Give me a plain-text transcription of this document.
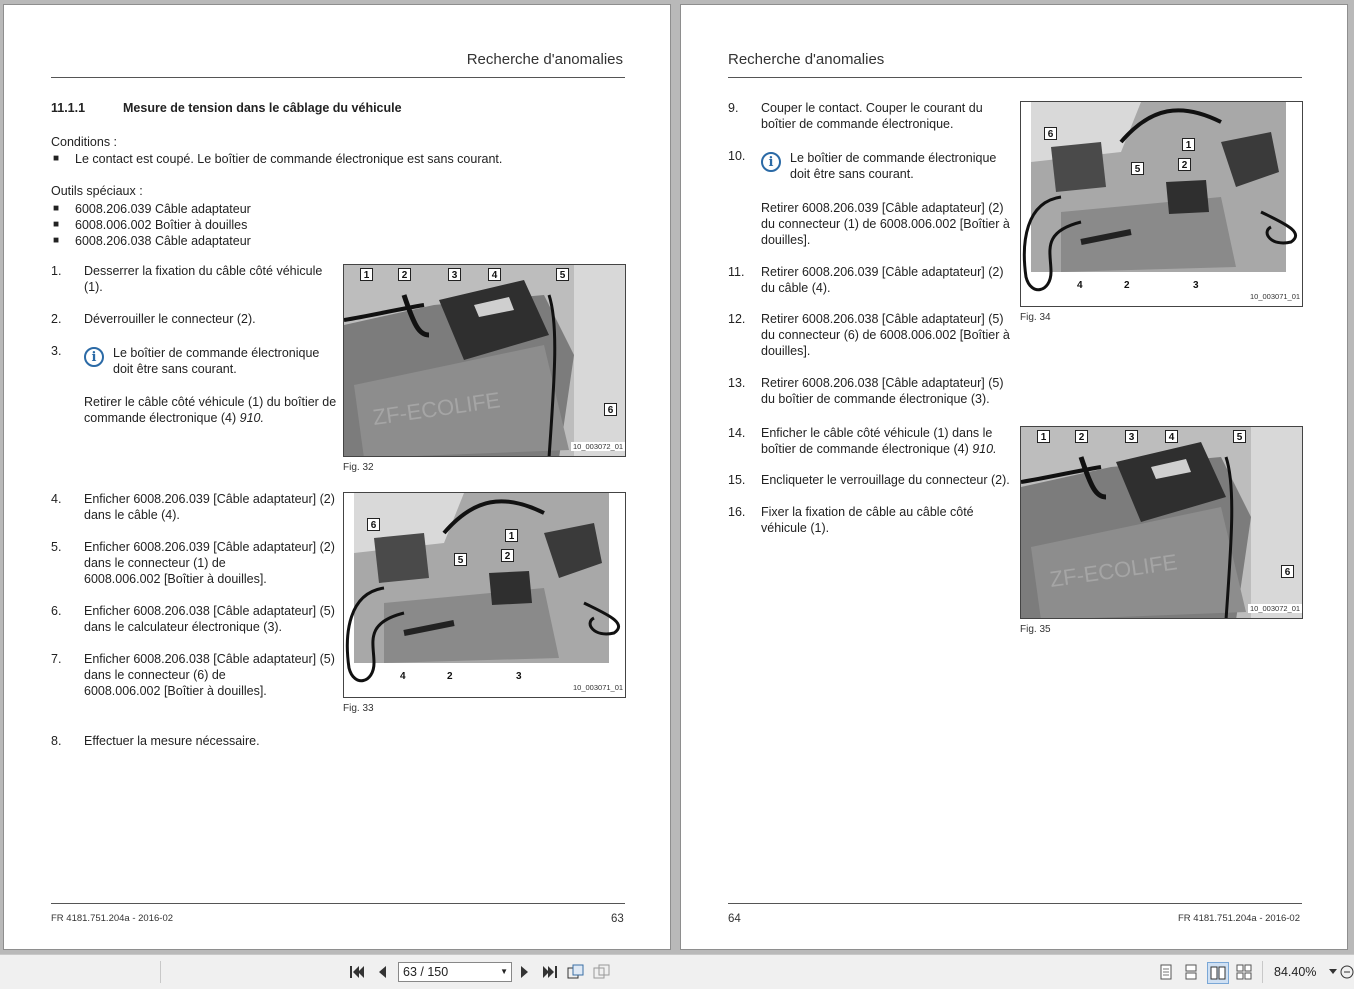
Recherche d'anomalies
11.1.1	Mesure de tension dans le câblage du véhicule
Conditions :
■ Le contact est coupé. Le boîtier de commande électronique est sans courant.
Outils spéciaux :
■ 6008.206.039 Câble adaptateur
■ 6008.006.002 Boîtier à douilles
■ 6008.206.038 Câble adaptateur
1. Desserrer la fixation du câble côté véhicule
(1).
2. Déverrouiller le connecteur (2).
3.	i	Le boîtier de commande électronique
doit être sans courant.
Retirer le câble côté véhicule (1) du boîtier de
commande électronique (4) 910.	ZF-ECOLIFE
1	2	3	4	5
6
10_003072_01
Fig. 32
4. Enficher 6008.206.039 [Câble adaptateur] (2)
dans le câble (4).
5. Enficher 6008.206.039 [Câble adaptateur] (2)
dans le connecteur (1) de
6008.006.002 [Boîtier à douilles].
6. Enficher 6008.206.038 [Câble adaptateur] (5)
dans le calculateur électronique (3).
7. Enficher 6008.206.038 [Câble adaptateur] (5)
dans le connecteur (6) de
6008.006.002 [Boîtier à douilles].
6
1
2
5
4	2	3
10_003071_01
Fig. 33
8. Effectuer la mesure nécessaire.
FR 4181.751.204a - 2016-02	63
Recherche d'anomalies
9. Couper le contact. Couper le courant du
boîtier de commande électronique.
10.	i	Le boîtier de commande électronique
doit être sans courant.
Retirer 6008.206.039 [Câble adaptateur] (2)
du connecteur (1) de 6008.006.002 [Boîtier à
douilles].
11. Retirer 6008.206.039 [Câble adaptateur] (2)
du câble (4).
12. Retirer 6008.206.038 [Câble adaptateur] (5)
du connecteur (6) de 6008.006.002 [Boîtier à
douilles].
13. Retirer 6008.206.038 [Câble adaptateur] (5)
du boîtier de commande électronique (3).
14. Enficher le câble côté véhicule (1) dans le
boîtier de commande électronique (4) 910.
15. Encliqueter le verrouillage du connecteur (2).
16. Fixer la fixation de câble au câble côté
véhicule (1).
6
1
2
5
4	2	3
10_003071_01
Fig. 34
ZF-ECOLIFE
1	2	3	4	5
6
10_003072_01
Fig. 35
64	FR 4181.751.204a - 2016-02
63 / 150	▼	84.40%
